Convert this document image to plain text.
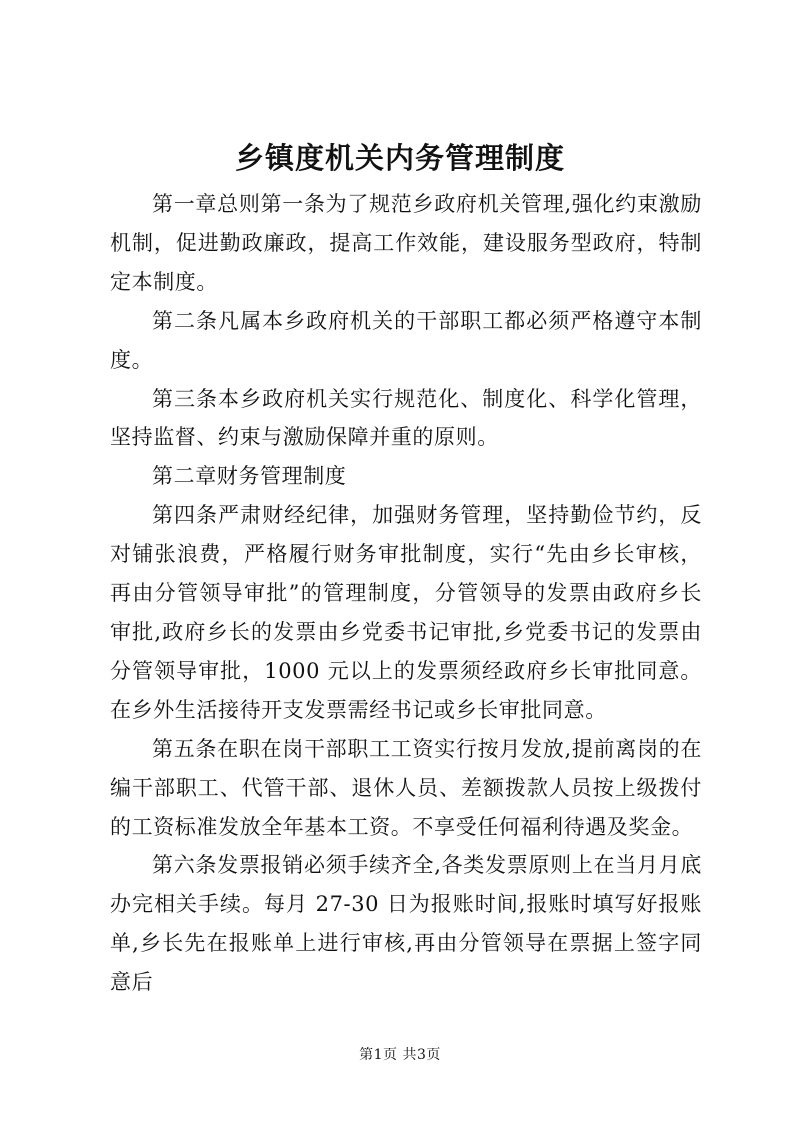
乡镇度机关内务管理制度

第一章总则第一条为了规范乡政府机关管理,强化约束激励机制，促进勤政廉政，提高工作效能，建设服务型政府，特制定本制度。

第二条凡属本乡政府机关的干部职工都必须严格遵守本制度。

第三条本乡政府机关实行规范化、制度化、科学化管理，坚持监督、约束与激励保障并重的原则。

第二章财务管理制度

第四条严肃财经纪律，加强财务管理，坚持勤俭节约，反对铺张浪费，严格履行财务审批制度，实行“先由乡长审核，再由分管领导审批”的管理制度，分管领导的发票由政府乡长审批,政府乡长的发票由乡党委书记审批,乡党委书记的发票由分管领导审批，1000 元以上的发票须经政府乡长审批同意。在乡外生活接待开支发票需经书记或乡长审批同意。

第五条在职在岗干部职工工资实行按月发放,提前离岗的在编干部职工、代管干部、退休人员、差额拨款人员按上级拨付的工资标准发放全年基本工资。不享受任何福利待遇及奖金。

第六条发票报销必须手续齐全,各类发票原则上在当月月底办完相关手续。每月 27-30 日为报账时间,报账时填写好报账单,乡长先在报账单上进行审核,再由分管领导在票据上签字同意后

第1页 共3页
